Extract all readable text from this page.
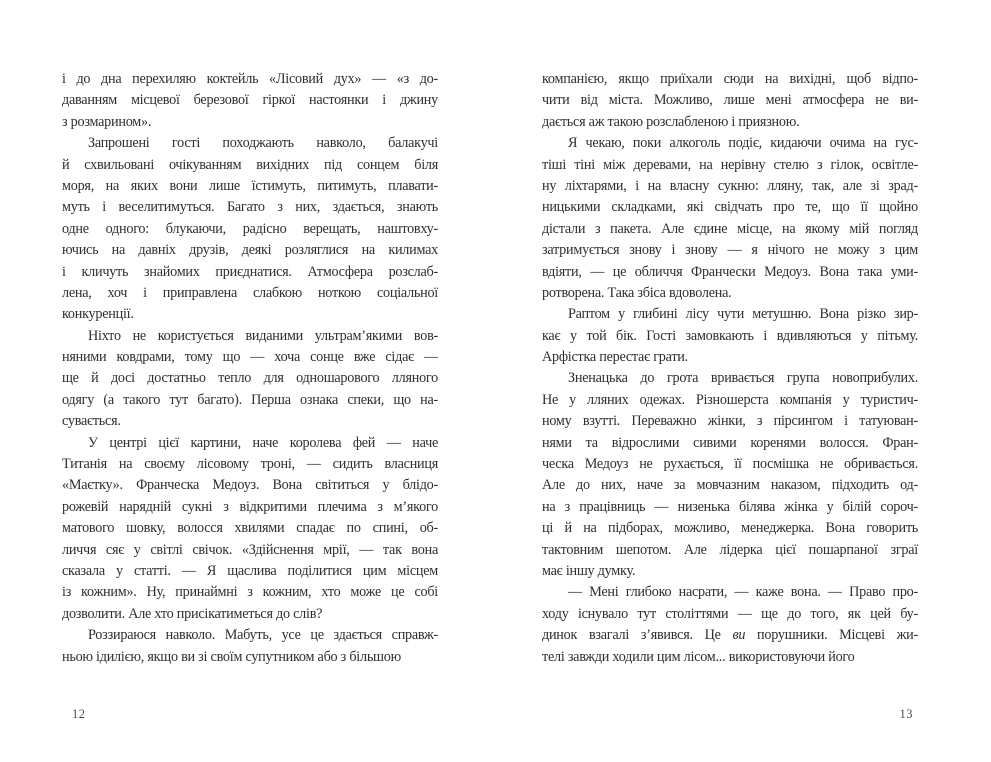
і до дна перехиляю коктейль «Лісовий дух» — «з до-
даванням місцевої березової гіркої настоянки і джину
з розмарином».
Запрошені гості походжають навколо, балакучі
й схвильовані очікуванням вихідних під сонцем біля
моря, на яких вони лише їстимуть, питимуть, плавати-
муть і веселитимуться. Багато з них, здається, знають
одне одного: блукаючи, радісно верещать, наштовху-
ючись на давніх друзів, деякі розляглися на килимах
і кличуть знайомих приєднатися. Атмосфера розслаб-
лена, хоч і приправлена слабкою ноткою соціальної
конкуренції.
Ніхто не користується виданими ультрам’якими вов-
няними ковдрами, тому що — хоча сонце вже сідає —
ще й досі достатньо тепло для одношарового лляного
одягу (а такого тут багато). Перша ознака спеки, що на-
сувається.
У центрі цієї картини, наче королева фей — наче
Титанія на своєму лісовому троні, — сидить власниця
«Маєтку». Франческа Медоуз. Вона світиться у блідо-
рожевій нарядній сукні з відкритими плечима з м’якого
матового шовку, волосся хвилями спадає по спині, об-
личчя сяє у світлі свічок. «Здійснення мрії, — так вона
сказала у статті. — Я щаслива поділитися цим місцем
із кожним». Ну, принаймні з кожним, хто може це собі
дозволити. Але хто присікатиметься до слів?
Роззираюся навколо. Мабуть, усе це здається справж-
ньою ідилією, якщо ви зі своїм супутником або з більшою
12
компанією, якщо приїхали сюди на вихідні, щоб відпо-
чити від міста. Можливо, лише мені атмосфера не ви-
дається аж такою розслабленою і приязною.
Я чекаю, поки алкоголь подіє, кидаючи очима на гус-
тіші тіні між деревами, на нерівну стелю з гілок, освітле-
ну ліхтарями, і на власну сукню: лляну, так, але зі зрад-
ницькими складками, які свідчать про те, що її щойно
дістали з пакета. Але єдине місце, на якому мій погляд
затримується знову і знову — я нічого не можу з цим
вдіяти, — це обличчя Франчески Медоуз. Вона така уми-
ротворена. Така збіса вдоволена.
Раптом у глибині лісу чути метушню. Вона різко зир-
кає у той бік. Гості замовкають і вдивляються у пітьму.
Арфістка перестає грати.
Зненацька до грота вривається група новоприбулих.
Не у лляних одежах. Різношерста компанія у туристич-
ному взутті. Переважно жінки, з пірсингом і татуюван-
нями та відрослими сивими коренями волосся. Фран-
ческа Медоуз не рухається, її посмішка не обривається.
Але до них, наче за мовчазним наказом, підходить од-
на з працівниць — низенька білява жінка у білій сороч-
ці й на підборах, можливо, менеджерка. Вона говорить
тактовним шепотом. Але лідерка цієї пошарпаної зграї
має іншу думку.
— Мені глибоко насрати, — каже вона. — Право про-
ходу існувало тут століттями — ще до того, як цей бу-
динок взагалі з’явився. Це ви порушники. Місцеві жи-
телі завжди ходили цим лісом... використовуючи його
13
